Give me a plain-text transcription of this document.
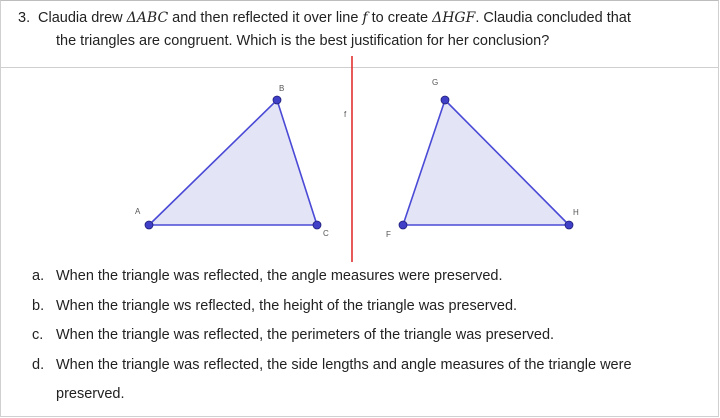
3. Claudia drew ΔABC and then reflected it over line f to create ΔHGF. Claudia concluded that
the triangles are congruent. Which is the best justification for her conclusion?
A
B
C
f
G
H
F
a. When the triangle was reflected, the angle measures were preserved.
b. When the triangle ws reflected, the height of the triangle was preserved.
c. When the triangle was reflected, the perimeters of the triangle was preserved.
d. When the triangle was reflected, the side lengths and angle measures of the triangle were
preserved.
